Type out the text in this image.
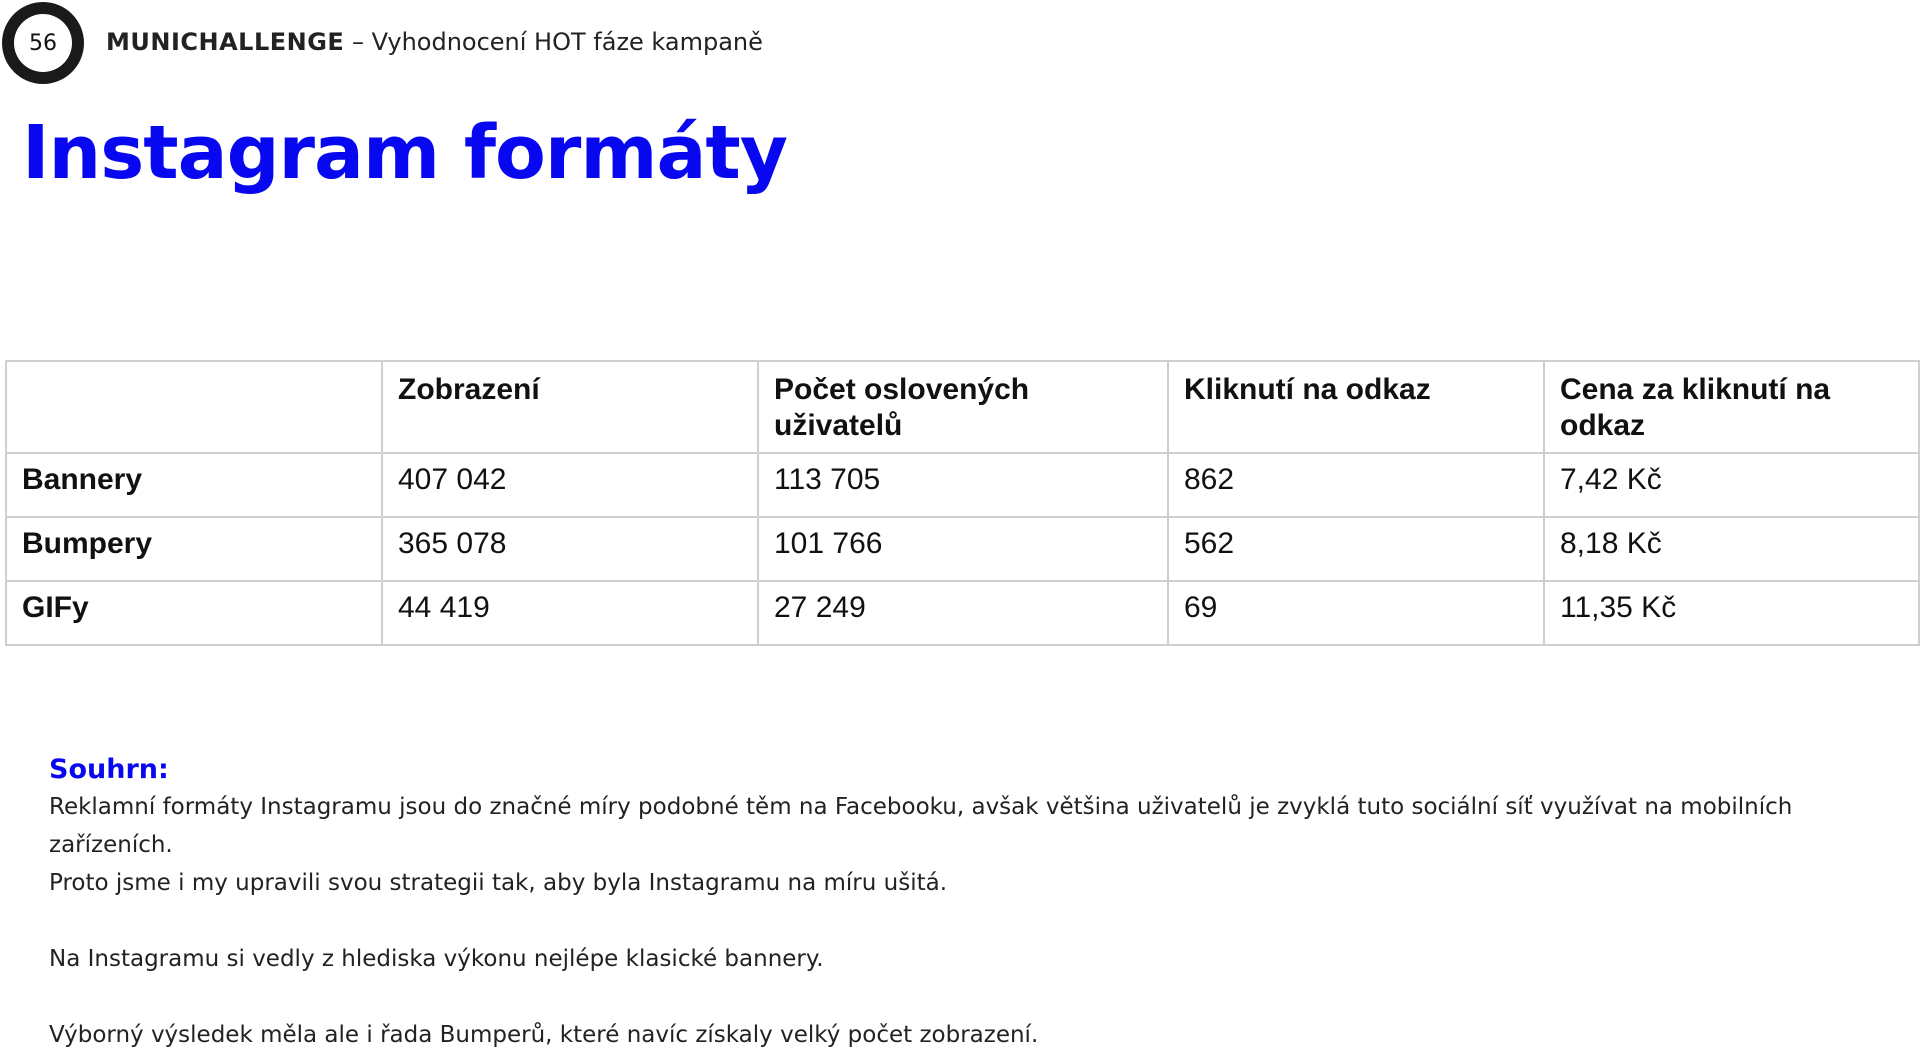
56	MUNICHALLENGE – Vyhodnocení HOT fáze kampaně
Instagram formáty
	Zobrazení	Počet oslovených uživatelů	Kliknutí na odkaz	Cena za kliknutí na odkaz
Bannery	407 042	113 705	862	7,42 Kč
Bumpery	365 078	101 766	562	8,18 Kč
GIFy	44 419	27 249	69	11,35 Kč
Souhrn:

Reklamní formáty Instagramu jsou do značné míry podobné těm na Facebooku, avšak většina uživatelů je zvyklá tuto sociální síť využívat na mobilních zařízeních.

Proto jsme i my upravili svou strategii tak, aby byla Instagramu na míru ušitá.

Na Instagramu si vedly z hlediska výkonu nejlépe klasické bannery.

Výborný výsledek měla ale i řada Bumperů, které navíc získaly velký počet zobrazení.
